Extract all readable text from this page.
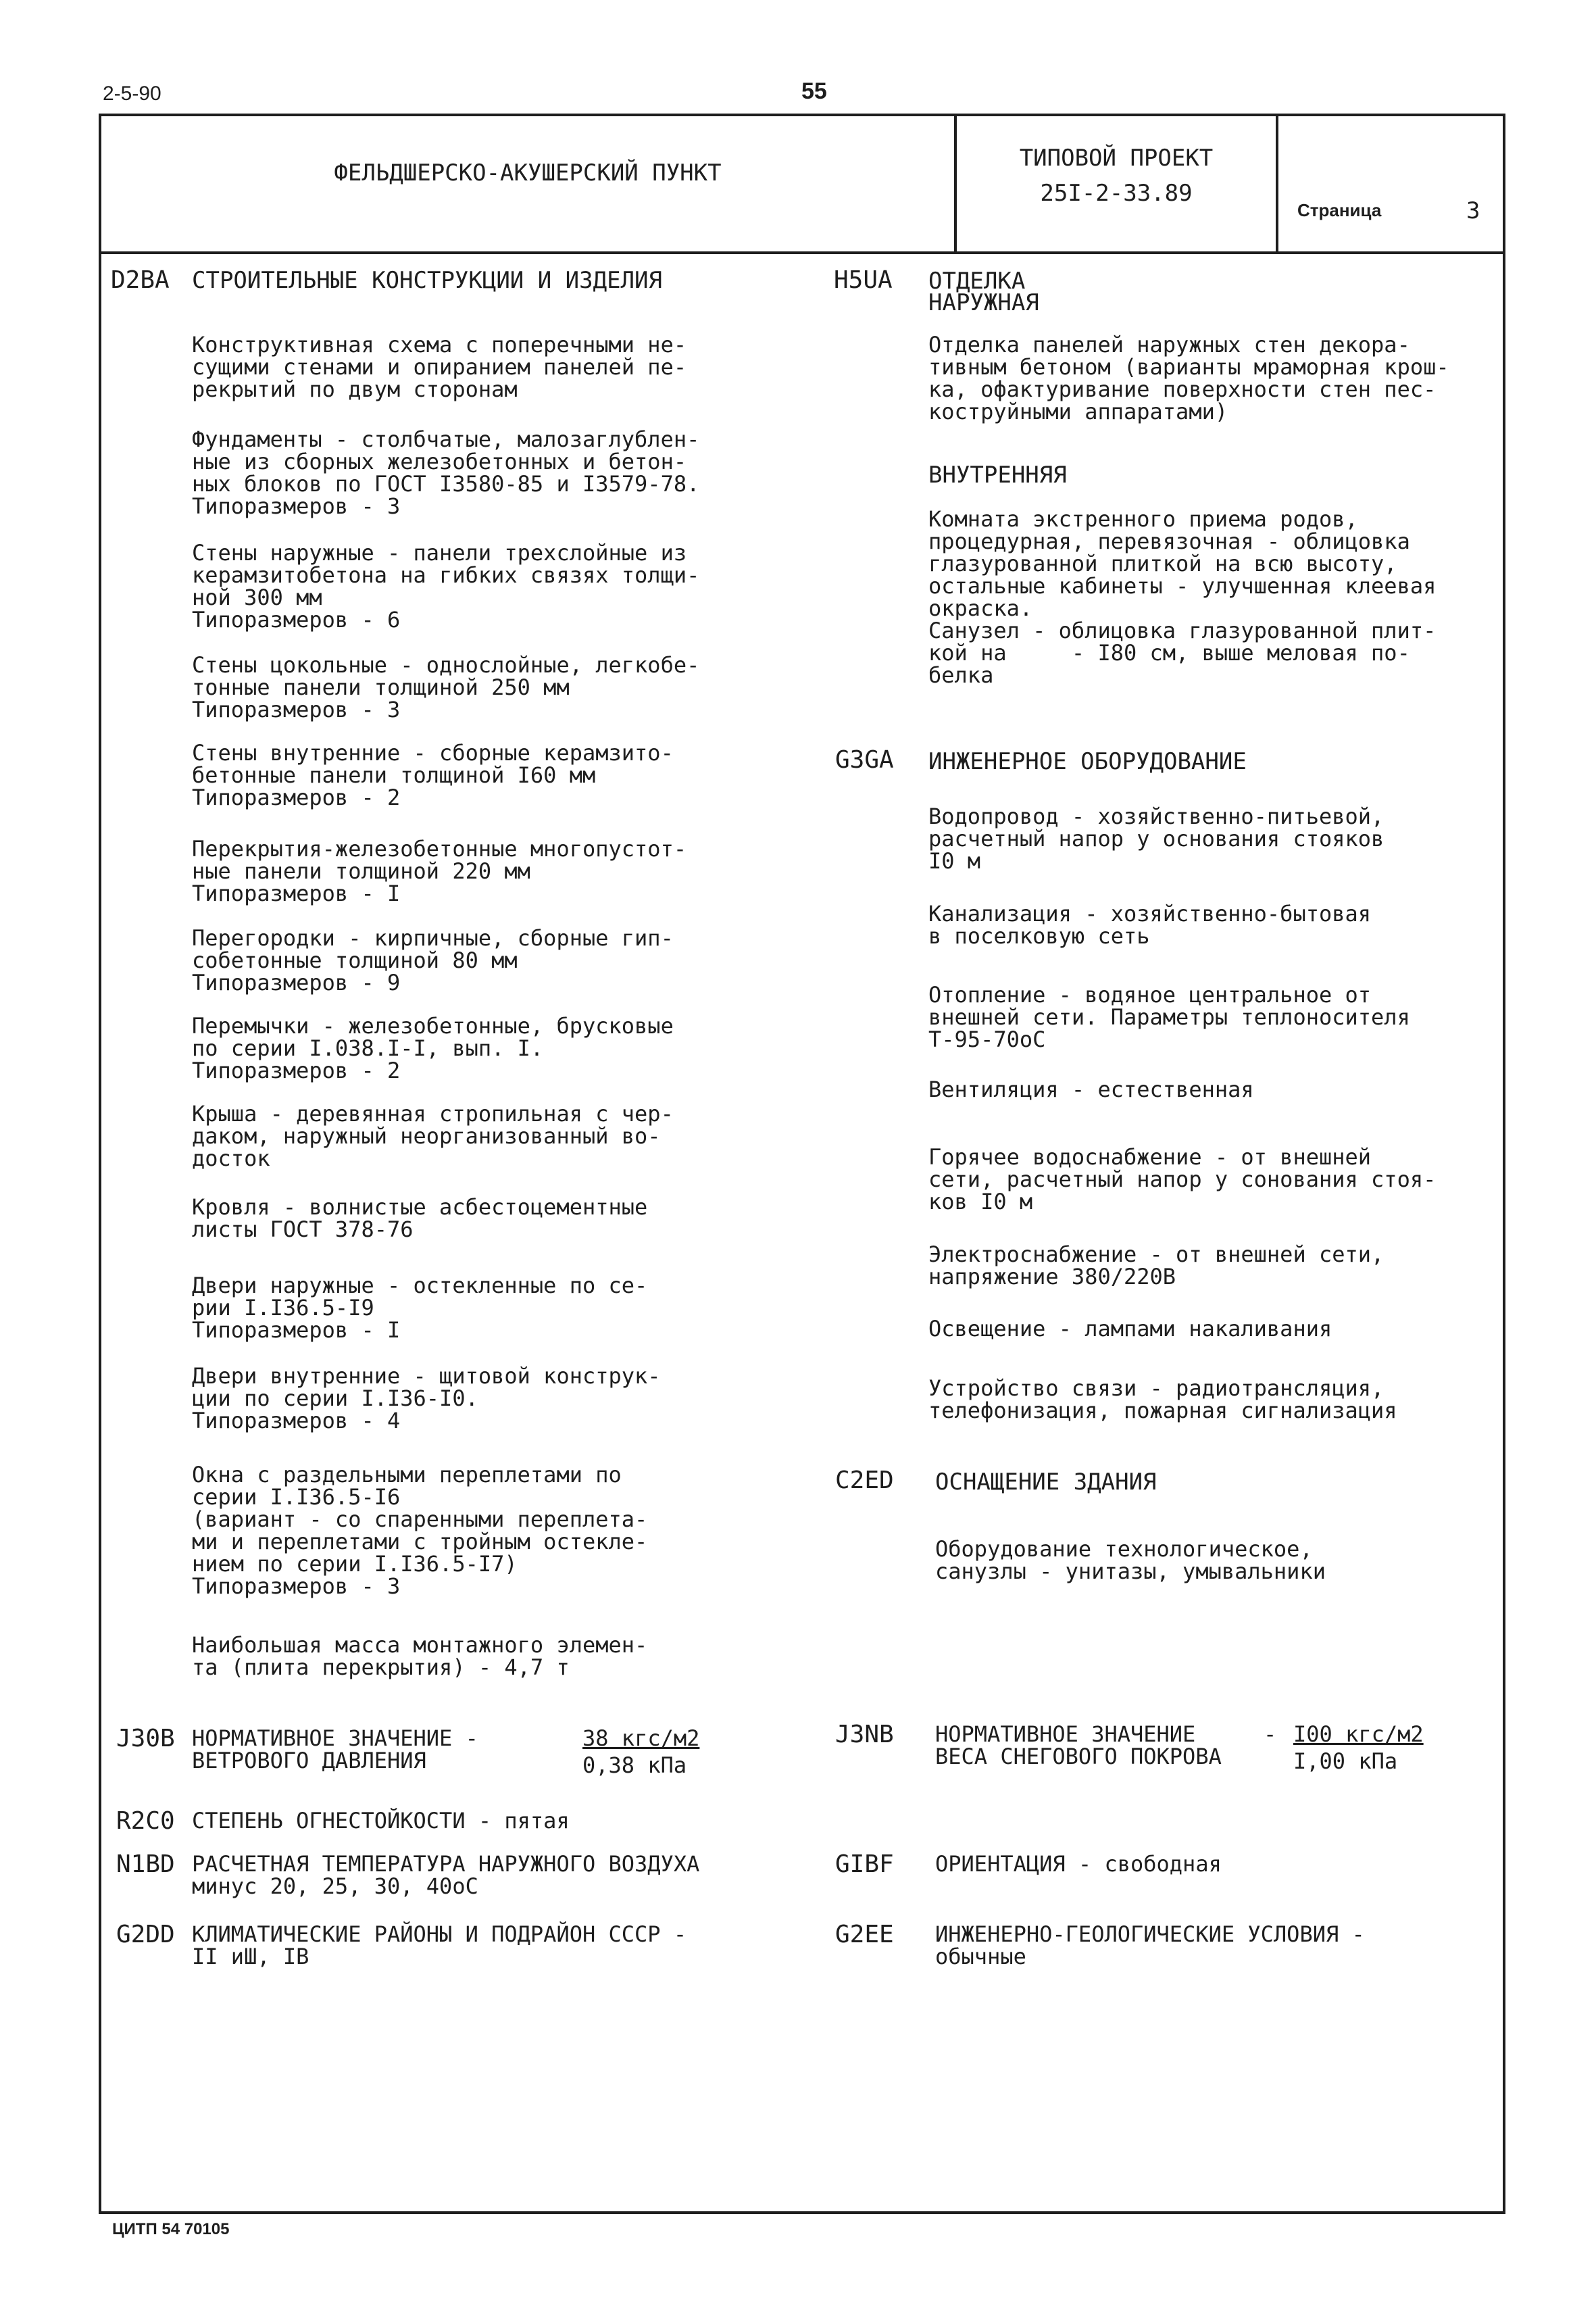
2-5-90	55
ЦИТП 54 70105
ФЕЛЬДШЕРСКО-АКУШЕРСКИЙ ПУНКТ
ТИПОВОЙ ПРОЕКТ
25I-2-33.89
Страница	3
D2BA СТРОИТЕЛЬНЫЕ КОНСТРУКЦИИ И ИЗДЕЛИЯ
Конструктивная схема с поперечными не-
сущими стенами и опиранием панелей пе-
рекрытий по двум сторонам
Фундаменты - столбчатые, малозаглублен-
ные из сборных железобетонных и бетон-
ных блоков по ГОСТ I3580-85 и I3579-78.
Типоразмеров - 3
Стены наружные - панели трехслойные из
керамзитобетона на гибких связях толщи-
ной 300 мм
Типоразмеров - 6
Стены цокольные - однослойные, легкобе-
тонные панели толщиной 250 мм
Типоразмеров - 3
Стены внутренние - сборные керамзито-
бетонные панели толщиной I60 мм
Типоразмеров - 2
Перекрытия-железобетонные многопустот-
ные панели толщиной 220 мм
Типоразмеров - I
Перегородки - кирпичные, сборные гип-
собетонные толщиной 80 мм
Типоразмеров - 9
Перемычки - железобетонные, брусковые
по серии I.038.I-I, вып. I.
Типоразмеров - 2
Крыша - деревянная стропильная с чер-
даком, наружный неорганизованный во-
досток
Кровля - волнистые асбестоцементные
листы ГОСТ 378-76
Двери наружные - остекленные по се-
рии I.I36.5-I9
Типоразмеров - I
Двери внутренние - щитовой конструк-
ции по серии I.I36-I0.
Типоразмеров - 4
Окна с раздельными переплетами по
серии I.I36.5-I6
(вариант - со спаренными переплета-
ми и переплетами с тройным остекле-
нием по серии I.I36.5-I7)
Типоразмеров - 3
Наибольшая масса монтажного элемен-
та (плита перекрытия) - 4,7 т
J30B НОРМАТИВНОЕ ЗНАЧЕНИЕ -
ВЕТРОВОГО ДАВЛЕНИЯ
38 кгс/м2
0,38 кПа
R2C0 СТЕПЕНЬ ОГНЕСТОЙКОСТИ - пятая
N1BD РАСЧЕТНАЯ ТЕМПЕРАТУРА НАРУЖНОГО ВОЗДУХА
минус 20, 25, 30, 40оС
G2DD КЛИМАТИЧЕСКИЕ РАЙОНЫ И ПОДРАЙОН СССР -
II иШ, IВ
H5UA ОТДЕЛКА
НАРУЖНАЯ
Отделка панелей наружных стен декора-
тивным бетоном (варианты мраморная крош-
ка, офактуривание поверхности стен пес-
коструйными аппаратами)
ВНУТРЕННЯЯ
Комната экстренного приема родов,
процедурная, перевязочная - облицовка
глазурованной плиткой на всю высоту,
остальные кабинеты - улучшенная клеевая
окраска.
Санузел - облицовка глазурованной плит-
кой на     - I80 см, выше меловая по-
белка
G3GA ИНЖЕНЕРНОЕ ОБОРУДОВАНИЕ
Водопровод - хозяйственно-питьевой,
расчетный напор у основания стояков
I0 м
Канализация - хозяйственно-бытовая
в поселковую сеть
Отопление - водяное центральное от
внешней сети. Параметры теплоносителя
Т-95-70оС
Вентиляция - естественная
Горячее водоснабжение - от внешней
сети, расчетный напор у сонования стоя-
ков I0 м
Электроснабжение - от внешней сети,
напряжение 380/220В
Освещение - лампами накаливания
Устройство связи - радиотрансляция,
телефонизация, пожарная сигнализация
C2ED ОСНАЩЕНИЕ ЗДАНИЯ
Оборудование технологическое,
санузлы - унитазы, умывальники
J3NB НОРМАТИВНОЕ ЗНАЧЕНИЕ
ВЕСА СНЕГОВОГО ПОКРОВА
- I00 кгс/м2
I,00 кПа
GIBF ОРИЕНТАЦИЯ - свободная
G2EE ИНЖЕНЕРНО-ГЕОЛОГИЧЕСКИЕ УСЛОВИЯ -
обычные
